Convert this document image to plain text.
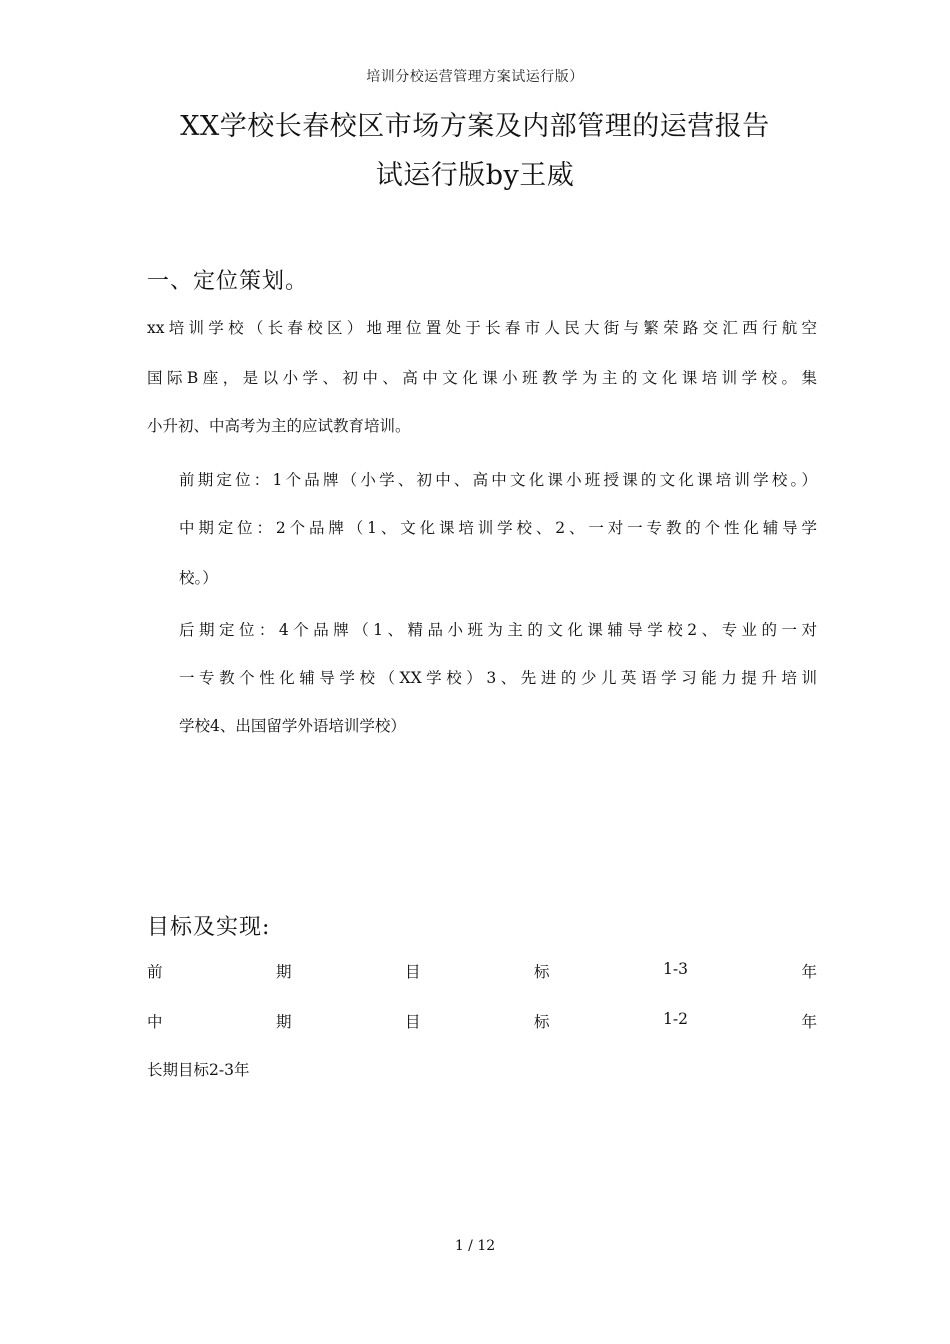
培训分校运营管理方案试运行版）
XX学校长春校区市场方案及内部管理的运营报告
试运行版by王威
一、定位策划。
xx培训学校（长春校区）地理位置处于长春市人民大街与繁荣路交汇西行航空
国际B座，是以小学、初中、高中文化课小班教学为主的文化课培训学校。集
小升初、中高考为主的应试教育培训。
前期定位：1个品牌（小学、初中、高中文化课小班授课的文化课培训学校。）
中期定位：2个品牌（1、文化课培训学校、2、一对一专教的个性化辅导学
校。）
后期定位：4个品牌（1、精品小班为主的文化课辅导学校2、专业的一对
一专教个性化辅导学校（XX学校）3、先进的少儿英语学习能力提升培训
学校4、出国留学外语培训学校）
目标及实现:
前	期	目	标	1-3	年
中	期	目	标	1-2	年
长期目标2-3年
1 / 12
